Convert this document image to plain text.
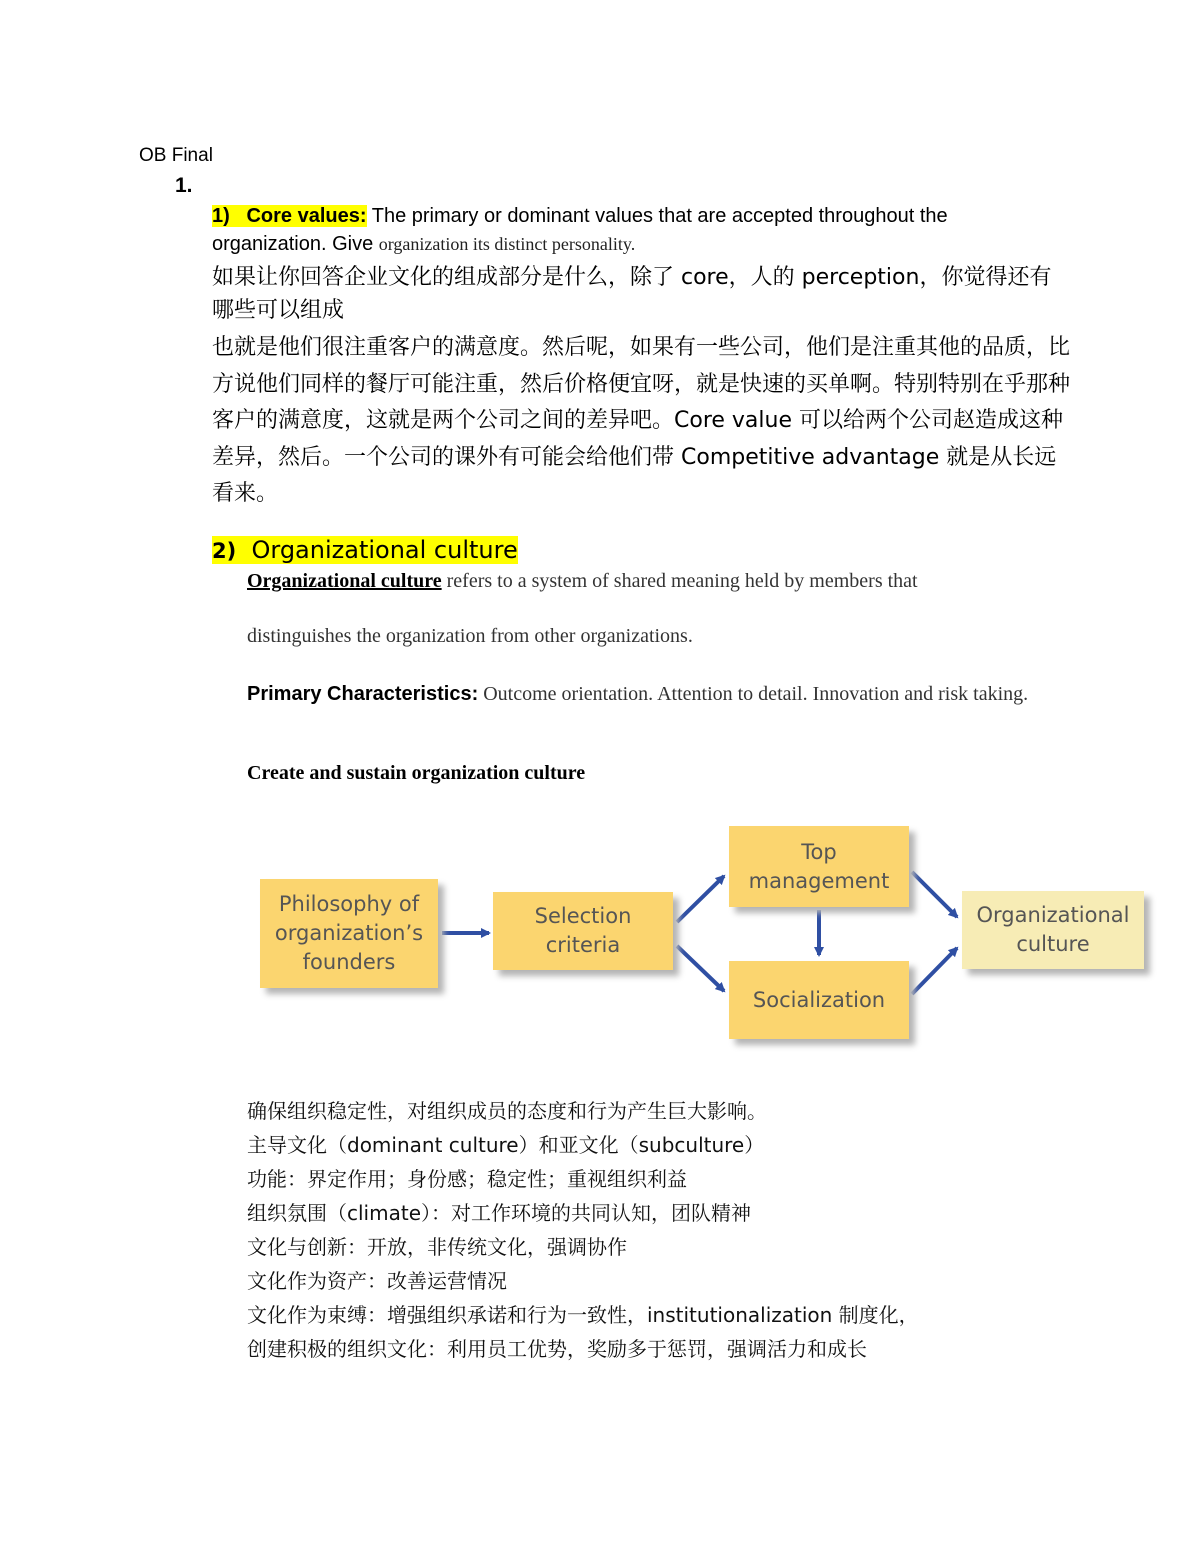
OB Final
1.
1) Core values: The primary or dominant values that are accepted throughout the organization. Give organization its distinct personality.
如果让你回答企业文化的组成部分是什么，除了 core，人的 perception，你觉得还有哪些可以组成
也就是他们很注重客户的满意度。然后呢，如果有一些公司，他们是注重其他的品质，比方说他们同样的餐厅可能注重，然后价格便宜呀，就是快速的买单啊。特别特别在乎那种客户的满意度，这就是两个公司之间的差异吧。Core value 可以给两个公司赵造成这种差异，然后。一个公司的课外有可能会给他们带 Competitive advantage 就是从长远看来。
2) Organizational culture
Organizational culture refers to a system of shared meaning held by members that
distinguishes the organization from other organizations.
Primary Characteristics: Outcome orientation. Attention to detail. Innovation and risk taking.
Create and sustain organization culture
Philosophy of
organization’s
founders
Selection
criteria
Top
management
Socialization
Organizational
culture
确保组织稳定性，对组织成员的态度和行为产生巨大影响。
主导文化（dominant culture）和亚文化（subculture）
功能：界定作用；身份感；稳定性；重视组织利益
组织氛围（climate）：对工作环境的共同认知，团队精神
文化与创新：开放，非传统文化，强调协作
文化作为资产：改善运营情况
文化作为束缚：增强组织承诺和行为一致性，institutionalization 制度化，
创建积极的组织文化：利用员工优势，奖励多于惩罚，强调活力和成长
